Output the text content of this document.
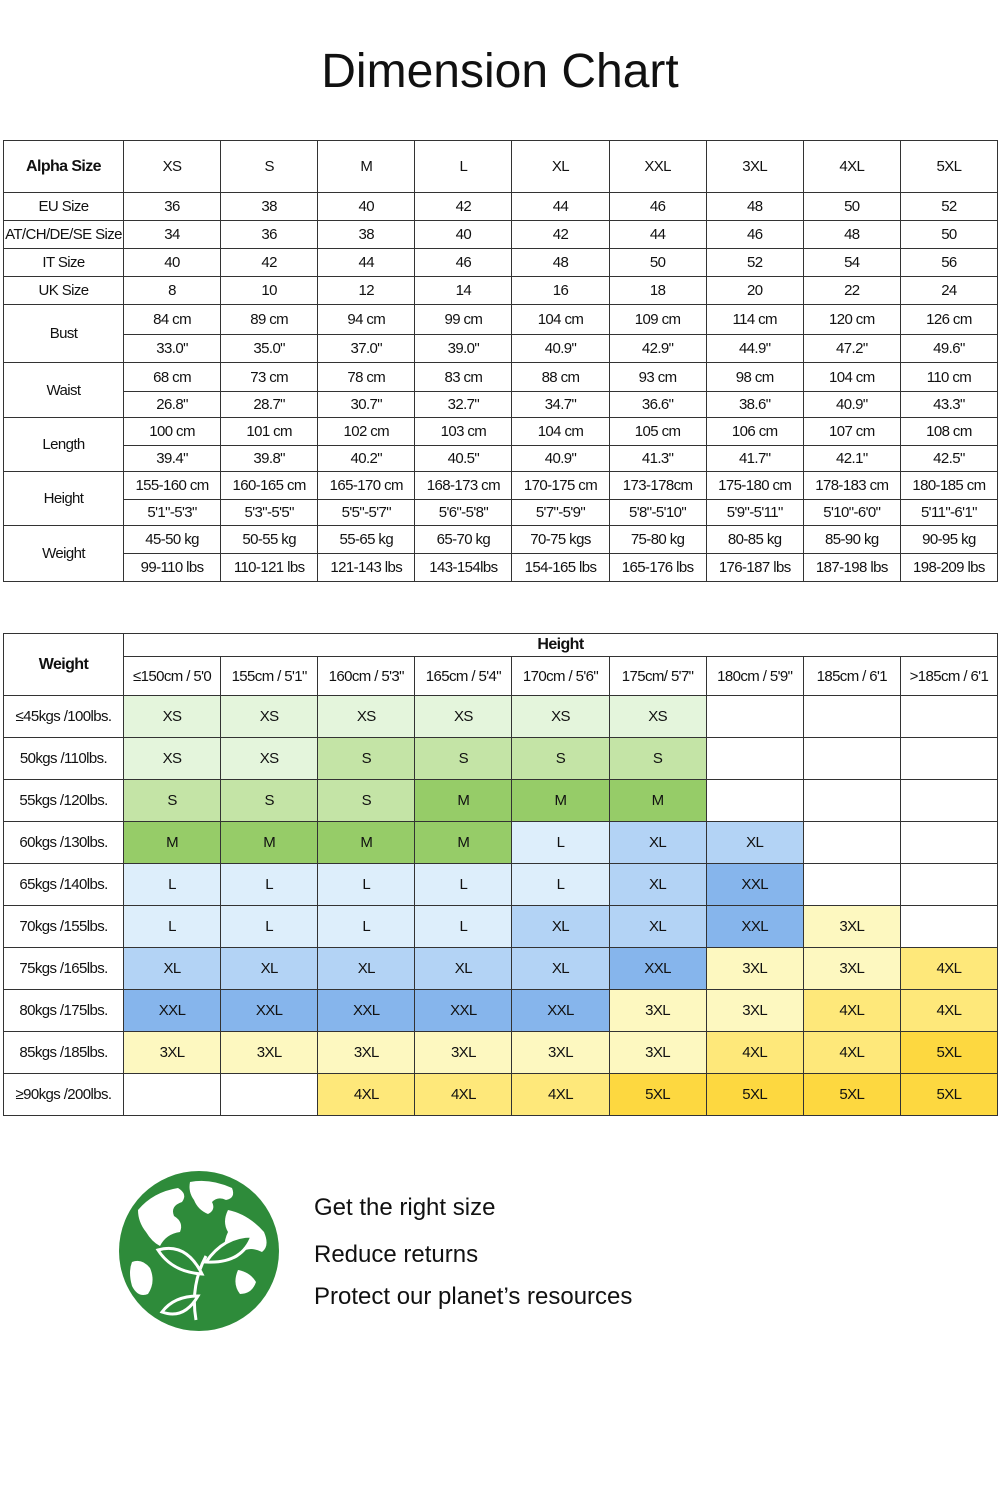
Dimension Chart
Alpha Size	XS	S	M	L	XL	XXL	3XL	4XL	5XL
EU Size	36	38	40	42	44	46	48	50	52
AT/CH/DE/SE Size	34	36	38	40	42	44	46	48	50
IT Size	40	42	44	46	48	50	52	54	56
UK Size	8	10	12	14	16	18	20	22	24
Bust	84 cm	89 cm	94 cm	99 cm	104 cm	109 cm	114 cm	120 cm	126 cm
	33.0"	35.0"	37.0"	39.0"	40.9"	42.9"	44.9"	47.2"	49.6"
Waist	68 cm	73 cm	78 cm	83 cm	88 cm	93 cm	98 cm	104 cm	110 cm
	26.8"	28.7"	30.7"	32.7"	34.7"	36.6"	38.6"	40.9"	43.3"
Length	100 cm	101 cm	102 cm	103 cm	104 cm	105 cm	106 cm	107 cm	108 cm
	39.4"	39.8"	40.2"	40.5"	40.9"	41.3"	41.7"	42.1"	42.5"
Height	155-160 cm	160-165 cm	165-170 cm	168-173 cm	170-175 cm	173-178cm	175-180 cm	178-183 cm	180-185 cm
	5'1"-5'3"	5'3"-5'5"	5'5"-5'7"	5'6"-5'8"	5'7"-5'9"	5'8"-5'10"	5'9"-5'11"	5'10"-6'0"	5'11"-6'1"
Weight	45-50 kg	50-55 kg	55-65 kg	65-70 kg	70-75 kgs	75-80 kg	80-85 kg	85-90 kg	90-95 kg
	99-110 lbs	110-121 lbs	121-143 lbs	143-154lbs	154-165 lbs	165-176 lbs	176-187 lbs	187-198 lbs	198-209 lbs
Weight	Height								
	≤150cm / 5'0	155cm / 5'1"	160cm / 5'3"	165cm / 5'4"	170cm / 5'6"	175cm/ 5'7"	180cm / 5'9"	185cm / 6'1	>185cm / 6'1
≤45kgs /100lbs.	XS	XS	XS	XS	XS	XS			
50kgs /110lbs.	XS	XS	S	S	S	S			
55kgs /120lbs.	S	S	S	M	M	M			
60kgs /130lbs.	M	M	M	M	L	XL	XL		
65kgs /140lbs.	L	L	L	L	L	XL	XXL		
70kgs /155lbs.	L	L	L	L	XL	XL	XXL	3XL	
75kgs /165lbs.	XL	XL	XL	XL	XL	XXL	3XL	3XL	4XL
80kgs /175lbs.	XXL	XXL	XXL	XXL	XXL	3XL	3XL	4XL	4XL
85kgs /185lbs.	3XL	3XL	3XL	3XL	3XL	3XL	4XL	4XL	5XL
≥90kgs /200lbs.			4XL	4XL	4XL	5XL	5XL	5XL	5XL
Get the right size
Reduce returns
Protect our planet’s resources
